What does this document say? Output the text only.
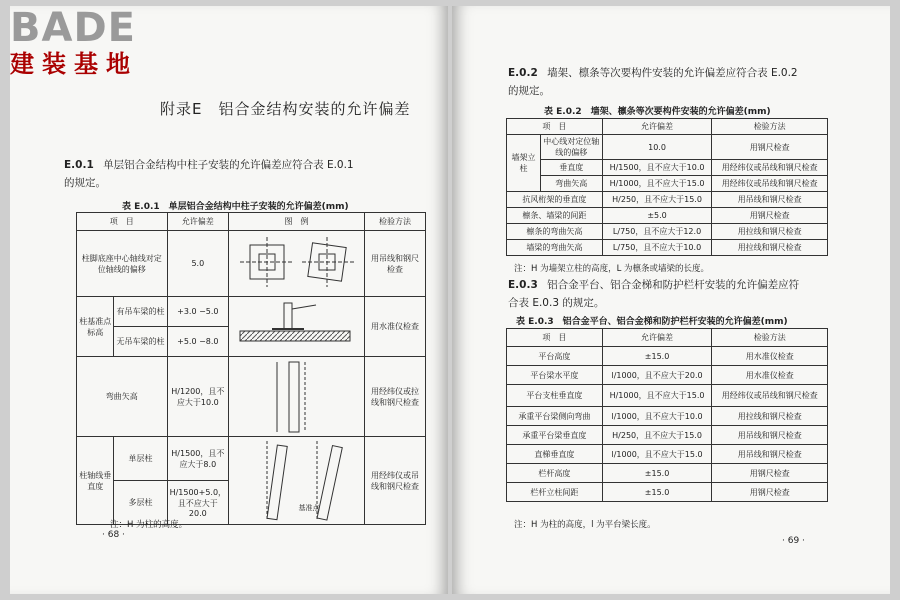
附录E　铝合金结构安装的允许偏差
E.0.1 单层铝合金结构中柱子安装的允许偏差应符合表 E.0.1
的规定。
表 E.0.1　单层铝合金结构中柱子安装的允许偏差(mm)
项　目		允许偏差	图　例	检验方法
柱脚底座中心轴线对定位轴线的偏移		5.0		用吊线和钢尺检查
柱基准点标高	有吊车梁的柱	+3.0 −5.0	基准点	用水准仪检查
	无吊车梁的柱	+5.0 −8.0		
弯曲矢高		H/1200，且不应大于10.0		用经纬仪或拉线和钢尺检查
柱轴线垂直度	单层柱	H/1500，且不应大于8.0		用经纬仪或吊线和钢尺检查
	多层柱	H/1500+5.0，且不应大于20.0		
注：H 为柱的高度。
· 68 ·
E.0.2 墙架、檩条等次要构件安装的允许偏差应符合表 E.0.2
的规定。
表 E.0.2　墙架、檩条等次要构件安装的允许偏差(mm)
项　目		允许偏差	检验方法
墙架立柱	中心线对定位轴线的偏移	10.0	用钢尺检查
	垂直度	H/1500，且不应大于10.0	用经纬仪或吊线和钢尺检查
	弯曲矢高	H/1000，且不应大于15.0	用经纬仪或吊线和钢尺检查
抗风桁架的垂直度		H/250，且不应大于15.0	用吊线和钢尺检查
檩条、墙梁的间距		±5.0	用钢尺检查
檩条的弯曲矢高		L/750，且不应大于12.0	用拉线和钢尺检查
墙梁的弯曲矢高		L/750，且不应大于10.0	用拉线和钢尺检查
注：H 为墙架立柱的高度，L 为檩条或墙梁的长度。
E.0.3 铝合金平台、铝合金梯和防护栏杆安装的允许偏差应符
合表 E.0.3 的规定。
表 E.0.3　铝合金平台、铝合金梯和防护栏杆安装的允许偏差(mm)
项　目	允许偏差	检验方法
平台高度	±15.0	用水准仪检查
平台梁水平度	l/1000，且不应大于20.0	用水准仪检查
平台支柱垂直度	H/1000，且不应大于15.0	用经纬仪或吊线和钢尺检查
承重平台梁侧向弯曲	l/1000，且不应大于10.0	用拉线和钢尺检查
承重平台梁垂直度	H/250，且不应大于15.0	用吊线和钢尺检查
直梯垂直度	l/1000，且不应大于15.0	用吊线和钢尺检查
栏杆高度	±15.0	用钢尺检查
栏杆立柱间距	±15.0	用钢尺检查
注：H 为柱的高度，l 为平台梁长度。
· 69 ·
BADE
建装基地
